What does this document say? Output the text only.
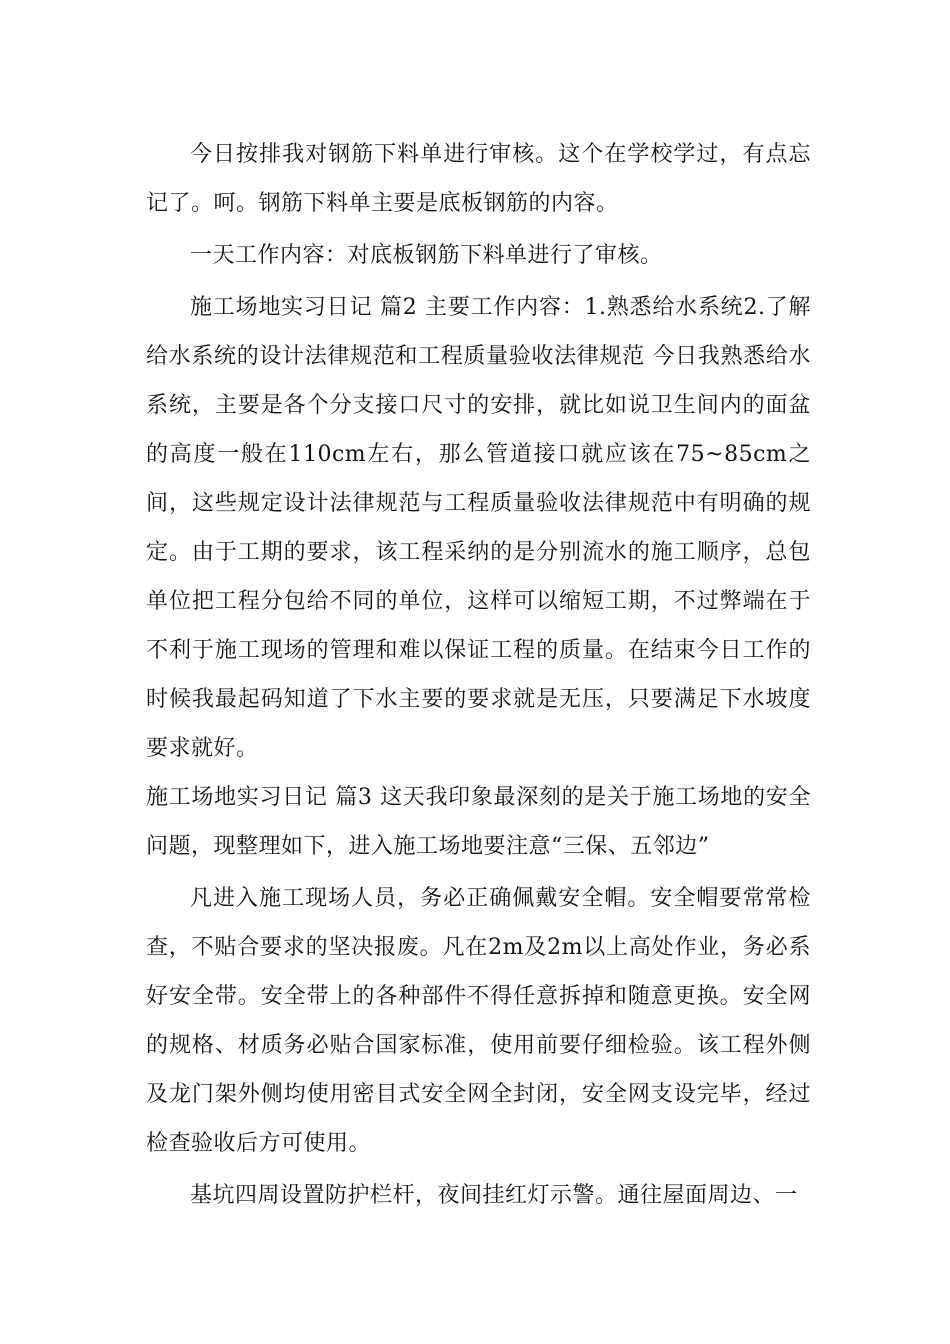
今日按排我对钢筋下料单进行审核。这个在学校学过，有点忘记了。呵。钢筋下料单主要是底板钢筋的内容。

一天工作内容：对底板钢筋下料单进行了审核。

施工场地实习日记 篇2 主要工作内容：1.熟悉给水系统2.了解给水系统的设计法律规范和工程质量验收法律规范 今日我熟悉给水系统，主要是各个分支接口尺寸的安排，就比如说卫生间内的面盆的高度一般在110cm左右，那么管道接口就应该在75~85cm之间，这些规定设计法律规范与工程质量验收法律规范中有明确的规定。由于工期的要求，该工程采纳的是分别流水的施工顺序，总包单位把工程分包给不同的单位，这样可以缩短工期，不过弊端在于不利于施工现场的管理和难以保证工程的质量。在结束今日工作的时候我最起码知道了下水主要的要求就是无压，只要满足下水坡度要求就好。

施工场地实习日记 篇3 这天我印象最深刻的是关于施工场地的安全问题，现整理如下，进入施工场地要注意“三保、五邻边”

凡进入施工现场人员，务必正确佩戴安全帽。安全帽要常常检查，不贴合要求的坚决报废。凡在2m及2m以上高处作业，务必系好安全带。安全带上的各种部件不得任意拆掉和随意更换。安全网的规格、材质务必贴合国家标准，使用前要仔细检验。该工程外侧及龙门架外侧均使用密目式安全网全封闭，安全网支设完毕，经过检查验收后方可使用。

基坑四周设置防护栏杆，夜间挂红灯示警。通往屋面周边、一
